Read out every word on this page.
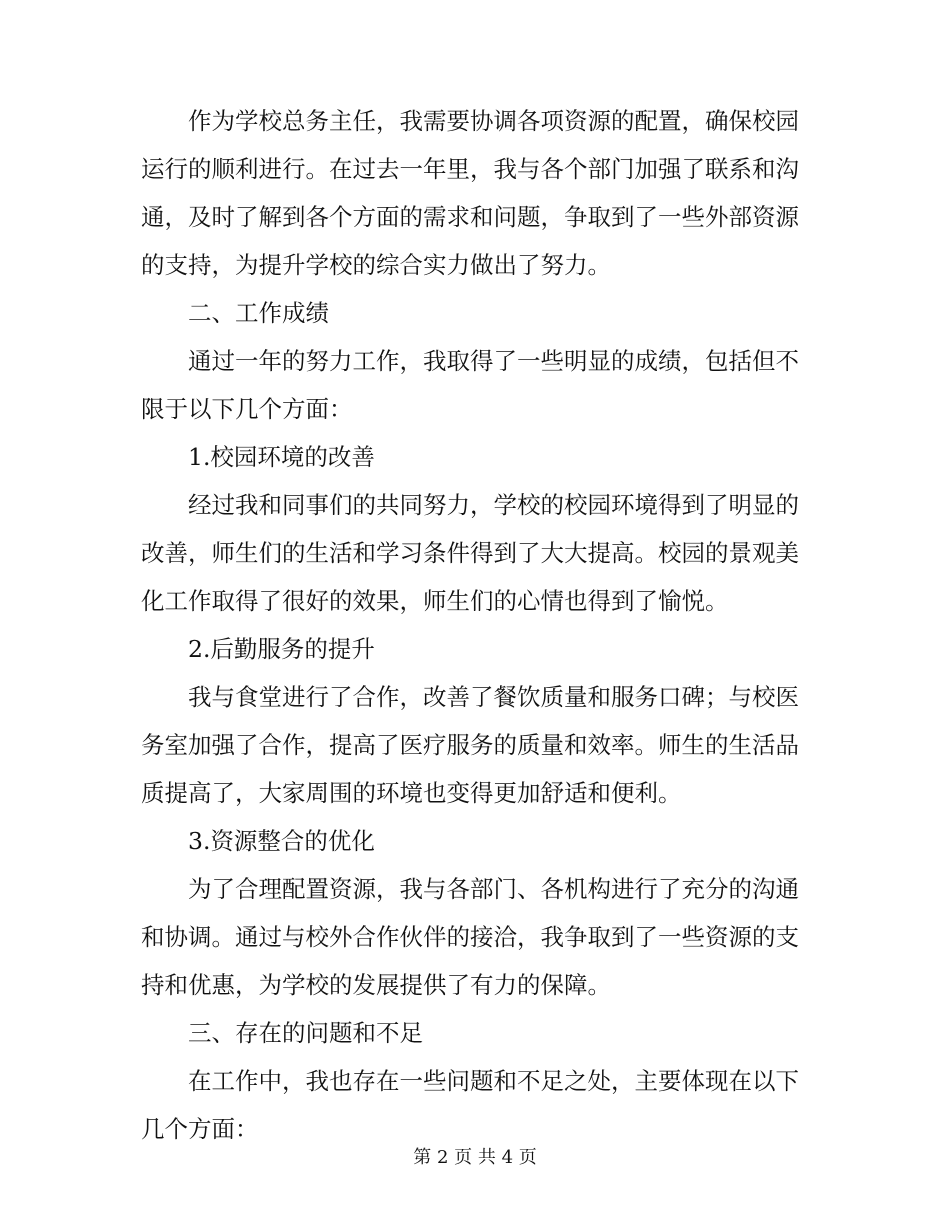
作为学校总务主任，我需要协调各项资源的配置，确保校园
运行的顺利进行。在过去一年里，我与各个部门加强了联系和沟
通，及时了解到各个方面的需求和问题，争取到了一些外部资源
的支持，为提升学校的综合实力做出了努力。
二、工作成绩
通过一年的努力工作，我取得了一些明显的成绩，包括但不
限于以下几个方面：
1.校园环境的改善
经过我和同事们的共同努力，学校的校园环境得到了明显的
改善，师生们的生活和学习条件得到了大大提高。校园的景观美
化工作取得了很好的效果，师生们的心情也得到了愉悦。
2.后勤服务的提升
我与食堂进行了合作，改善了餐饮质量和服务口碑；与校医
务室加强了合作，提高了医疗服务的质量和效率。师生的生活品
质提高了，大家周围的环境也变得更加舒适和便利。
3.资源整合的优化
为了合理配置资源，我与各部门、各机构进行了充分的沟通
和协调。通过与校外合作伙伴的接洽，我争取到了一些资源的支
持和优惠，为学校的发展提供了有力的保障。
三、存在的问题和不足
在工作中，我也存在一些问题和不足之处，主要体现在以下
几个方面：
第 2 页 共 4 页
